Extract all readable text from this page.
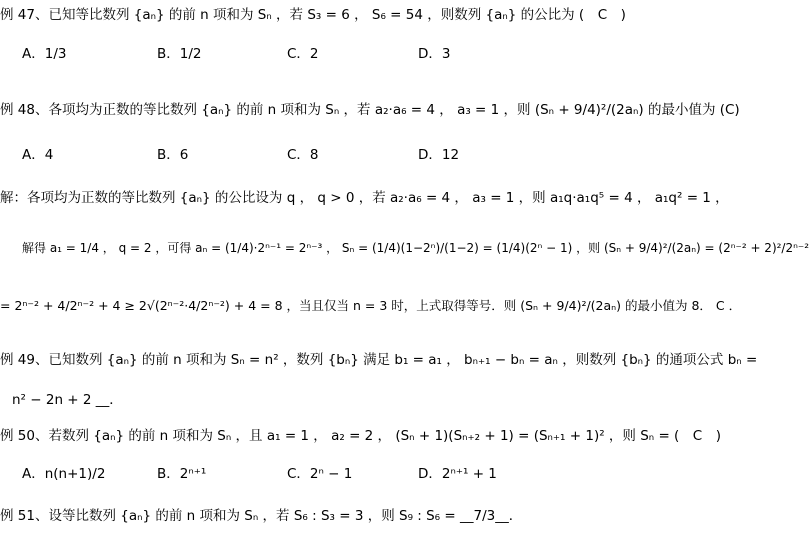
例 47、已知等比数列 {aₙ} 的前 n 项和为 Sₙ ，若 S₃ = 6 ， S₆ = 54 ，则数列 {aₙ} 的公比为 (　C　)
A．1/3	B．1/2	C．2	D．3
例 48、各项均为正数的等比数列 {aₙ} 的前 n 项和为 Sₙ ，若 a₂·a₆ = 4 ， a₃ = 1 ，则 (Sₙ + 9/4)²/(2aₙ) 的最小值为 (C)
A．4	B．6	C．8	D．12
解：各项均为正数的等比数列 {aₙ} 的公比设为 q ， q > 0 ，若 a₂·a₆ = 4 ， a₃ = 1 ，则 a₁q·a₁q⁵ = 4 ， a₁q² = 1 ，
解得 a₁ = 1/4 ， q = 2 ，可得 aₙ = (1/4)·2ⁿ⁻¹ = 2ⁿ⁻³ ， Sₙ = (1/4)(1−2ⁿ)/(1−2) = (1/4)(2ⁿ − 1) ，则 (Sₙ + 9/4)²/(2aₙ) = (2ⁿ⁻² + 2)²/2ⁿ⁻²
= 2ⁿ⁻² + 4/2ⁿ⁻² + 4 ≥ 2√(2ⁿ⁻²·4/2ⁿ⁻²) + 4 = 8 ，当且仅当 n = 3 时，上式取得等号．则 (Sₙ + 9/4)²/(2aₙ) 的最小值为 8． C ．
例 49、已知数列 {aₙ} 的前 n 项和为 Sₙ = n² ，数列 {bₙ} 满足 b₁ = a₁ ， bₙ₊₁ − bₙ = aₙ ，则数列 {bₙ} 的通项公式 bₙ =
n² − 2n + 2 __．
例 50、若数列 {aₙ} 的前 n 项和为 Sₙ ，且 a₁ = 1 ， a₂ = 2 ， (Sₙ + 1)(Sₙ₊₂ + 1) = (Sₙ₊₁ + 1)² ，则 Sₙ = (　C　)
A．n(n+1)/2	B．2ⁿ⁺¹	C．2ⁿ − 1	D．2ⁿ⁺¹ + 1
例 51、设等比数列 {aₙ} 的前 n 项和为 Sₙ ，若 S₆ : S₃ = 3 ，则 S₉ : S₆ = __7/3__．
